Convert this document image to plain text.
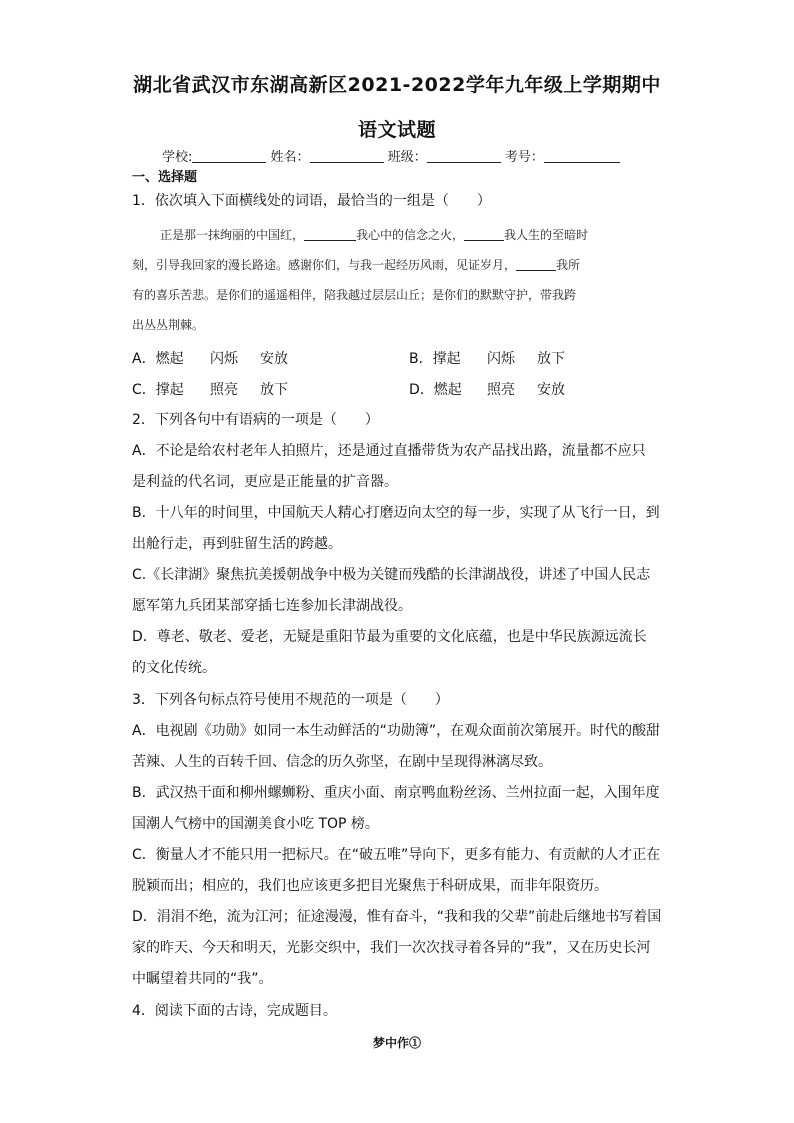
湖北省武汉市东湖高新区2021-2022学年九年级上学期期中
语文试题
学校:	姓名：	班级：	考号：
一、选择题
1．依次填入下面横线处的词语，最恰当的一组是（　　）
正是那一抹绚丽的中国红，	我心中的信念之火，	我人生的至暗时
刻，引导我回家的漫长路途。感谢你们，与我一起经历风雨，见证岁月，	我所
有的喜乐苦悲。是你们的遥遥相伴，陪我越过层层山丘；是你们的默默守护，带我跨
出丛丛荆棘。
A．燃起 闪烁 安放	B．撑起 闪烁 放下
C．撑起 照亮 放下	D．燃起 照亮 安放
2．下列各句中有语病的一项是（　　）
A．不论是给农村老年人拍照片，还是通过直播带货为农产品找出路，流量都不应只
是利益的代名词，更应是正能量的扩音器。
B．十八年的时间里，中国航天人精心打磨迈向太空的每一步，实现了从飞行一日，到
出舱行走，再到驻留生活的跨越。
C.《长津湖》聚焦抗美援朝战争中极为关键而残酷的长津湖战役，讲述了中国人民志
愿军第九兵团某部穿插七连参加长津湖战役。
D．尊老、敬老、爱老，无疑是重阳节最为重要的文化底蕴，也是中华民族源远流长
的文化传统。
3．下列各句标点符号使用不规范的一项是（　　）
A．电视剧《功勋》如同一本生动鲜活的“功勋簿”，在观众面前次第展开。时代的酸甜
苦辣、人生的百转千回、信念的历久弥坚，在剧中呈现得淋漓尽致。
B．武汉热干面和柳州螺蛳粉、重庆小面、南京鸭血粉丝汤、兰州拉面一起，入围年度
国潮人气榜中的国潮美食小吃 TOP 榜。
C．衡量人才不能只用一把标尺。在“破五唯”导向下，更多有能力、有贡献的人才正在
脱颖而出；相应的，我们也应该更多把目光聚焦于科研成果，而非年限资历。
D．涓涓不绝，流为江河；征途漫漫，惟有奋斗，“我和我的父辈”前赴后继地书写着国
家的昨天、今天和明天，光影交织中，我们一次次找寻着各异的“我”，又在历史长河
中瞩望着共同的“我”。
4．阅读下面的古诗，完成题目。
梦中作①
